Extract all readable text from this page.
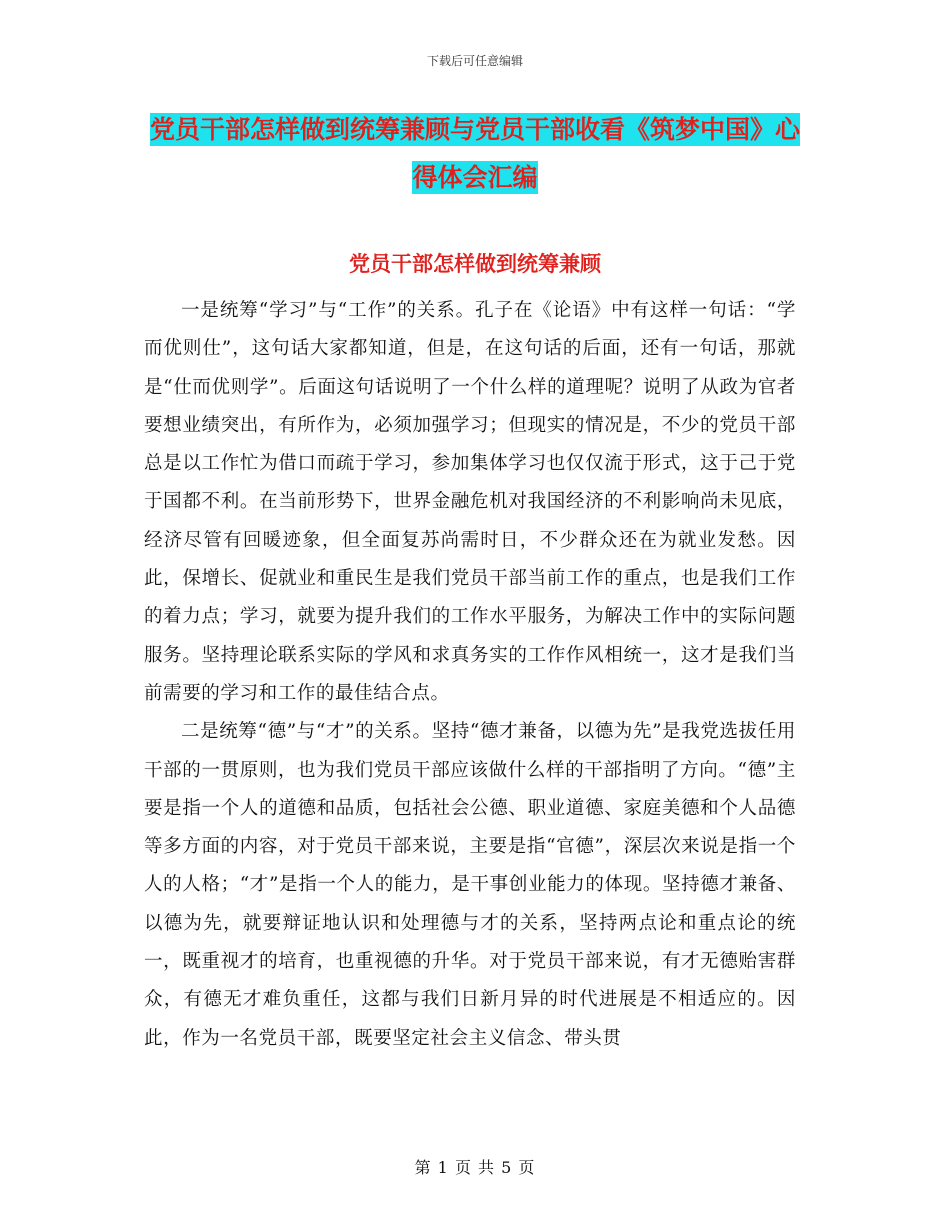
下载后可任意编辑
党员干部怎样做到统筹兼顾与党员干部收看《筑梦中国》心得体会汇编
党员干部怎样做到统筹兼顾

一是统筹“学习”与“工作”的关系。孔子在《论语》中有这样一句话：“学而优则仕”，这句话大家都知道，但是，在这句话的后面，还有一句话，那就是“仕而优则学”。后面这句话说明了一个什么样的道理呢？说明了从政为官者要想业绩突出，有所作为，必须加强学习；但现实的情况是，不少的党员干部总是以工作忙为借口而疏于学习，参加集体学习也仅仅流于形式，这于己于党于国都不利。在当前形势下，世界金融危机对我国经济的不利影响尚未见底，经济尽管有回暖迹象，但全面复苏尚需时日，不少群众还在为就业发愁。因此，保增长、促就业和重民生是我们党员干部当前工作的重点，也是我们工作的着力点；学习，就要为提升我们的工作水平服务，为解决工作中的实际问题服务。坚持理论联系实际的学风和求真务实的工作作风相统一，这才是我们当前需要的学习和工作的最佳结合点。

二是统筹“德”与“才”的关系。坚持“德才兼备，以德为先”是我党选拔任用干部的一贯原则，也为我们党员干部应该做什么样的干部指明了方向。“德”主要是指一个人的道德和品质，包括社会公德、职业道德、家庭美德和个人品德等多方面的内容，对于党员干部来说，主要是指“官德”，深层次来说是指一个人的人格；“才”是指一个人的能力，是干事创业能力的体现。坚持德才兼备、以德为先，就要辩证地认识和处理德与才的关系，坚持两点论和重点论的统一，既重视才的培育，也重视德的升华。对于党员干部来说，有才无德贻害群众，有德无才难负重任，这都与我们日新月异的时代进展是不相适应的。因此，作为一名党员干部，既要坚定社会主义信念、带头贯

第 1 页 共 5 页
